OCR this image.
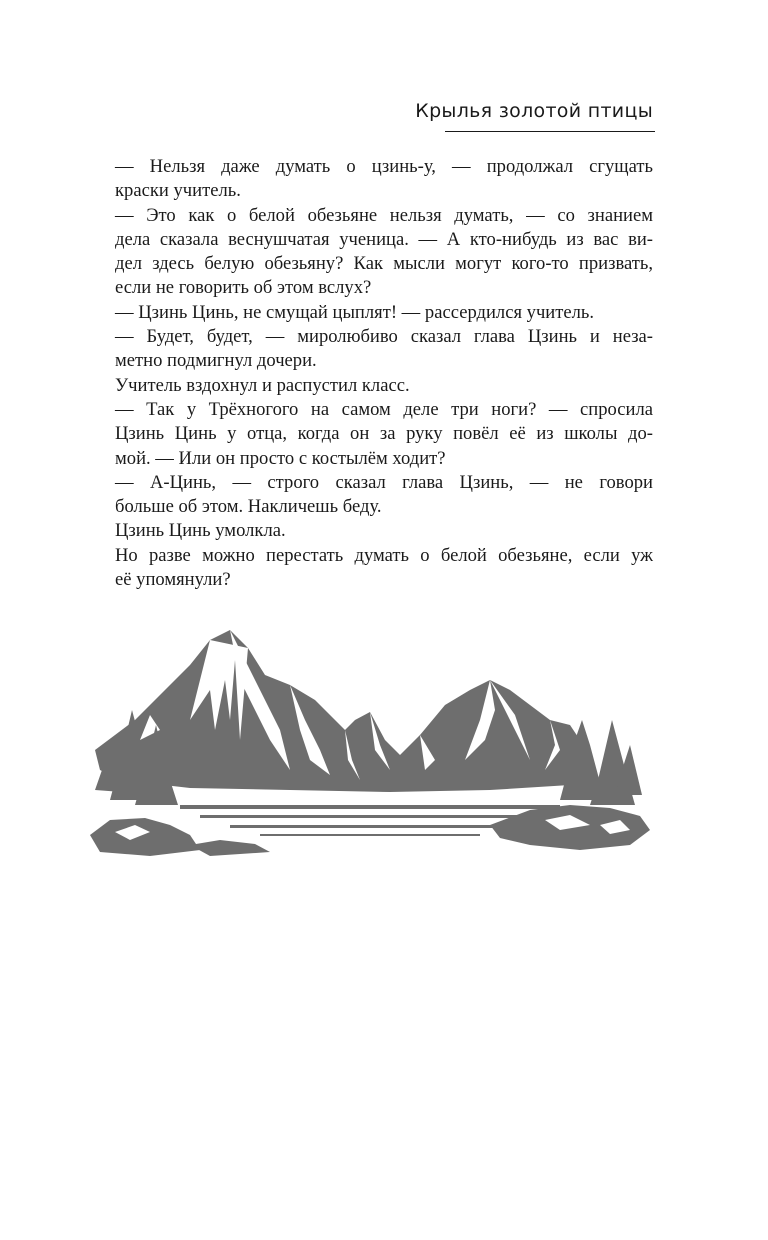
Крылья золотой птицы
— Нельзя даже думать о цзинь-у, — продолжал сгущать
краски учитель.
— Это как о белой обезьяне нельзя думать, — со знанием
дела сказала веснушчатая ученица. — А кто-нибудь из вас ви-
дел здесь белую обезьяну? Как мысли могут кого-то призвать,
если не говорить об этом вслух?
— Цзинь Цинь, не смущай цыплят! — рассердился учитель.
— Будет, будет, — миролюбиво сказал глава Цзинь и неза-
метно подмигнул дочери.
Учитель вздохнул и распустил класс.
— Так у Трёхногого на самом деле три ноги? — спросила
Цзинь Цинь у отца, когда он за руку повёл её из школы до-
мой. — Или он просто с костылём ходит?
— А-Цинь, — строго сказал глава Цзинь, — не говори
больше об этом. Накличешь беду.
Цзинь Цинь умолкла.
Но разве можно перестать думать о белой обезьяне, если уж
её упомянули?
